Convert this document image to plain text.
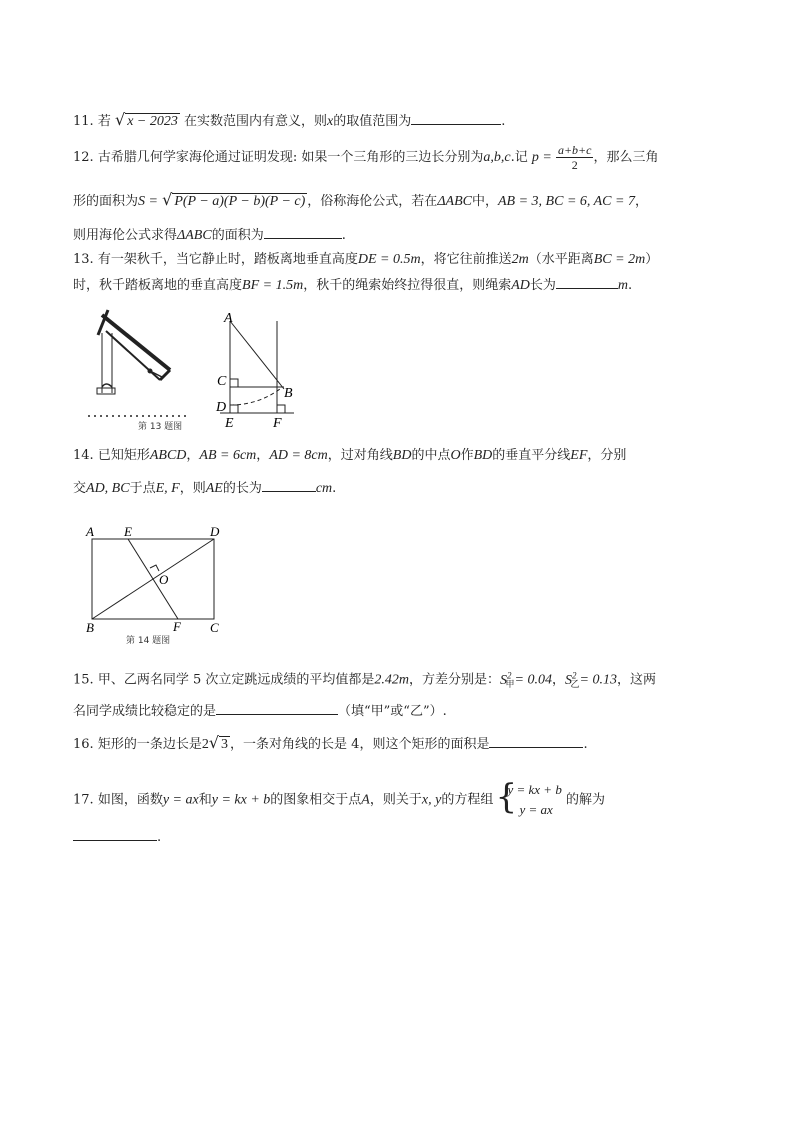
11. 若 √ x − 2023 在实数范围内有意义，则x的取值范围为	.
12. 古希腊几何学家海伦通过证明发现: 如果一个三角形的三边长分别为a,b,c.记 $p = \frac{a+b+c}{2}$ ，那么三角
形的面积为S = √ P(P − a)(P − b)(P − c) ，俗称海伦公式，若在ΔABC中，AB = 3, BC = 6, AC = 7，
则用海伦公式求得ΔABC的面积为	.
13. 有一架秋千，当它静止时，踏板离地垂直高度DE = 0.5m，将它往前推送2m（水平距离BC = 2m）
时，秋千踏板离地的垂直高度BF = 1.5m，秋千的绳索始终拉得很直，则绳索AD长为	m.
第 13 题图
A
C
B
D
E	F
14. 已知矩形ABCD，AB = 6cm，AD = 8cm，过对角线BD的中点O作BD的垂直平分线EF，分别
交AD, BC于点E, F，则AE的长为	cm.
A E	D
O
B	F C
第 14 题图
15. 甲、乙两名同学 5 次立定跳远成绩的平均值都是2.42m，方差分别是：$S^2_甲= 0.04$，$S^2_乙= 0.13$，这两
名同学成绩比较稳定的是	（填“甲”或“乙”）.
16. 矩形的一条边长是2√ 3 ，一条对角线的长是 4，则这个矩形的面积是	.
17. 如图，函数y = ax和y = kx + b的图象相交于点A，则关于x, y的方程组 {
y = kx + b
y = ax
的解为
.
